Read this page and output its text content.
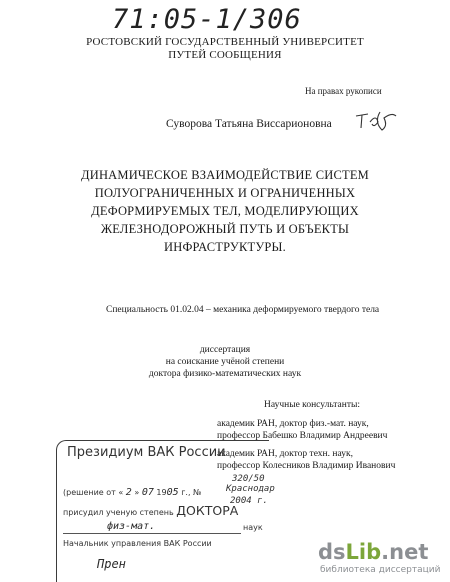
71:05-1/306
РОСТОВСКИЙ ГОСУДАРСТВЕННЫЙ УНИВЕРСИТЕТ
ПУТЕЙ СООБЩЕНИЯ
На правах рукописи
Суворова Татьяна Виссарионовна
ДИНАМИЧЕСКОЕ ВЗАИМОДЕЙСТВИЕ СИСТЕМ
ПОЛУОГРАНИЧЕННЫХ И ОГРАНИЧЕННЫХ
ДЕФОРМИРУЕМЫХ ТЕЛ, МОДЕЛИРУЮЩИХ
ЖЕЛЕЗНОДОРОЖНЫЙ ПУТЬ И ОБЪЕКТЫ
ИНФРАСТРУКТУРЫ.
Специальность 01.02.04 – механика деформируемого твердого тела
диссертация
на соискание учёной степени
доктора физико-математических наук
Научные консультанты:
академик РАН, доктор физ.-мат. наук,
профессор Бабешко Владимир Андреевич
академик РАН, доктор техн. наук,
профессор Колесников Владимир Иванович
Президиум ВАК России
(решение от « 2 » 07 1905 г., №
присудил ученую степень ДОКТОРА
физ-мат.	наук
Начальник управления ВАК России
Прен
320/50
Краснодар
2004 г.
dsLib.net
библиотека диссертаций
